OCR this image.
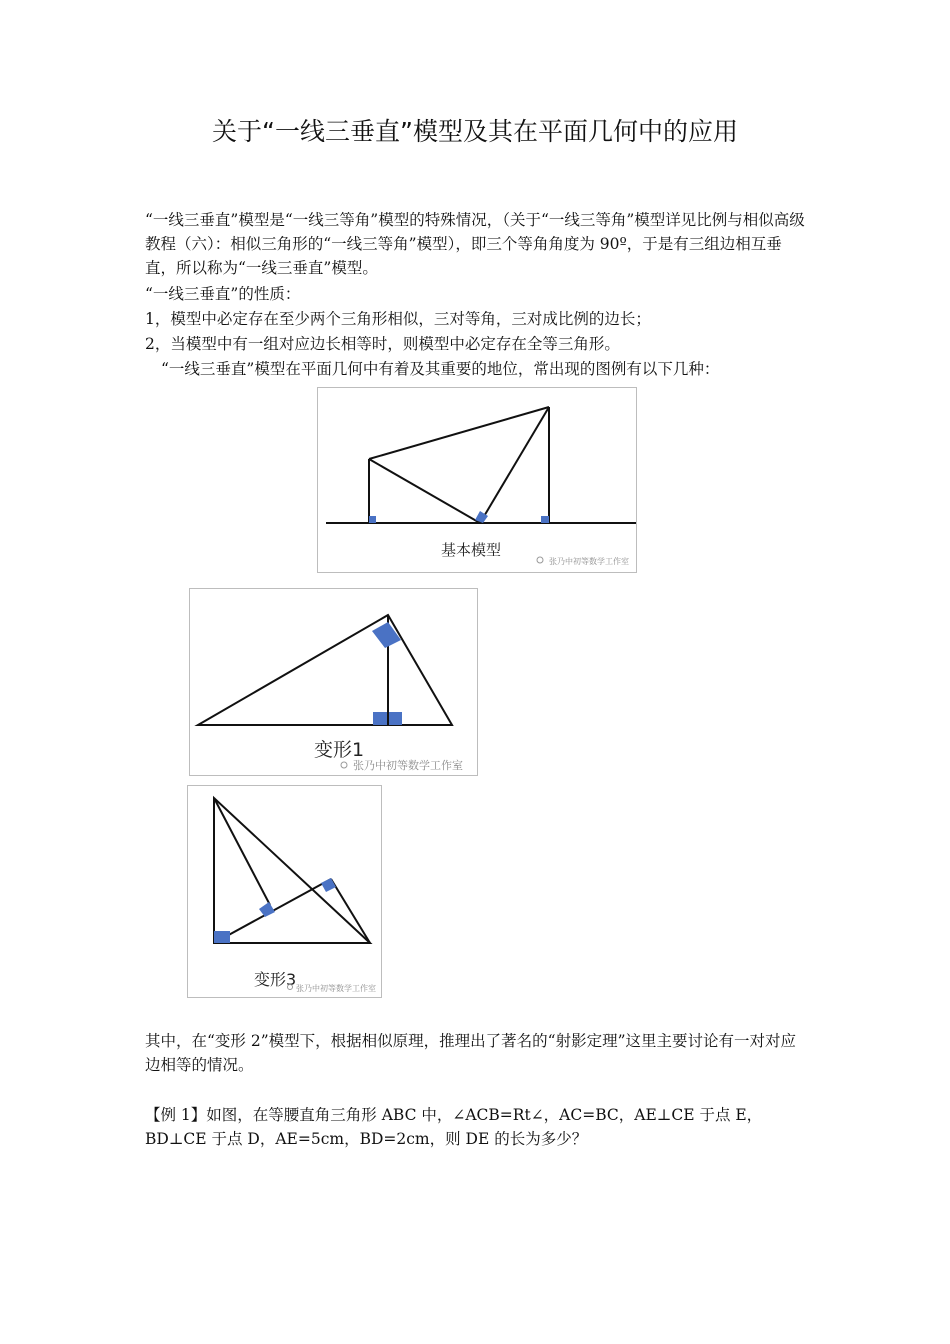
关于“一线三垂直”模型及其在平面几何中的应用

“一线三垂直”模型是“一线三等角”模型的特殊情况，（关于“一线三等角”模型详见比例与相似高级教程（六）：相似三角形的“一线三等角”模型），即三个等角角度为 90º，于是有三组边相互垂直，所以称为“一线三垂直”模型。

“一线三垂直”的性质：

1，模型中必定存在至少两个三角形相似，三对等角，三对成比例的边长；

2，当模型中有一组对应边长相等时，则模型中必定存在全等三角形。

“一线三垂直”模型在平面几何中有着及其重要的地位，常出现的图例有以下几种：

基本模型
张乃中初等数学工作室
变形1
张乃中初等数学工作室
变形3 张乃中初等数学工作室

其中，在“变形 2”模型下，根据相似原理，推理出了著名的“射影定理”这里主要讨论有一对对应边相等的情况。

【例 1】如图，在等腰直角三角形 ABC 中，∠ACB=Rt∠，AC=BC，AE⊥CE 于点 E，BD⊥CE 于点 D，AE=5cm，BD=2cm，则 DE 的长为多少？
